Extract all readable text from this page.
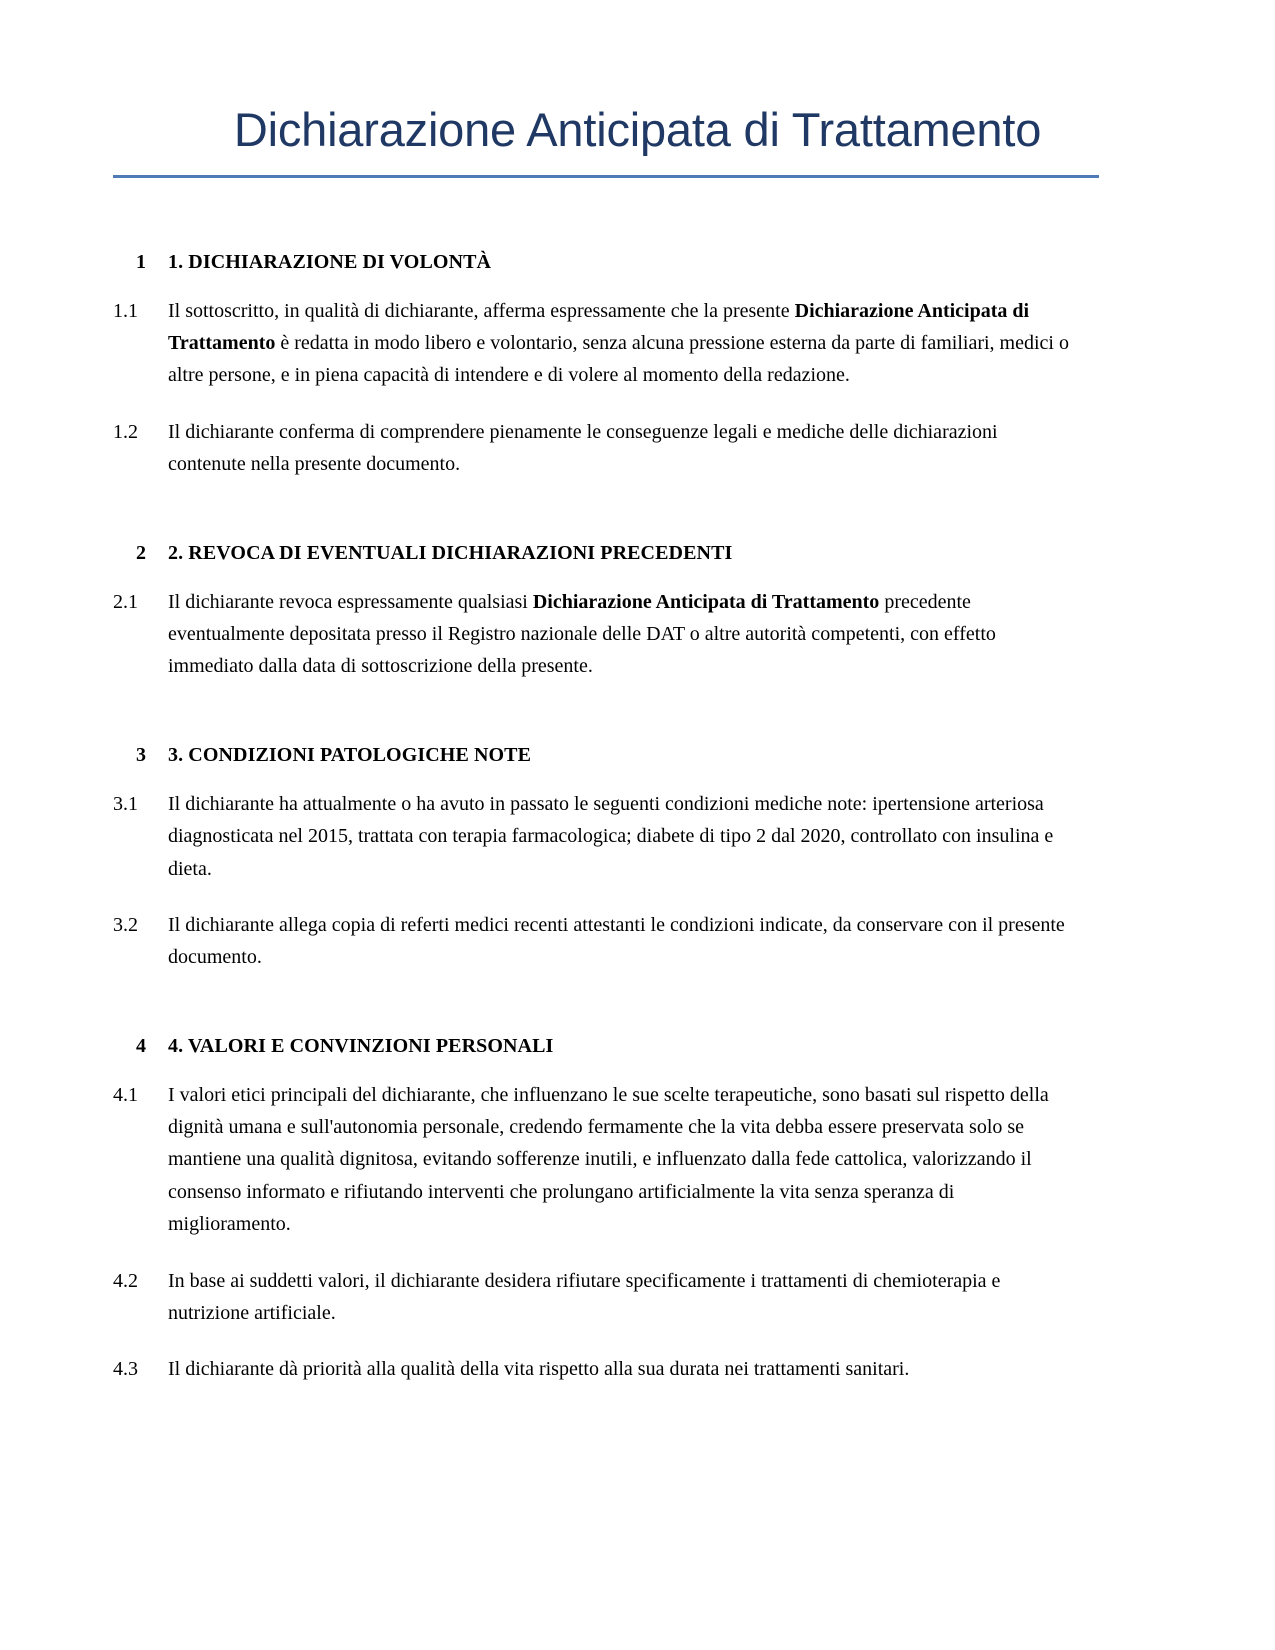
Dichiarazione Anticipata di Trattamento
1	1. DICHIARAZIONE DI VOLONTÀ
1.1	Il sottoscritto, in qualità di dichiarante, afferma espressamente che la presente Dichiarazione Anticipata di Trattamento è redatta in modo libero e volontario, senza alcuna pressione esterna da parte di familiari, medici o altre persone, e in piena capacità di intendere e di volere al momento della redazione.
1.2	Il dichiarante conferma di comprendere pienamente le conseguenze legali e mediche delle dichiarazioni contenute nella presente documento.
2	2. REVOCA DI EVENTUALI DICHIARAZIONI PRECEDENTI
2.1	Il dichiarante revoca espressamente qualsiasi Dichiarazione Anticipata di Trattamento precedente eventualmente depositata presso il Registro nazionale delle DAT o altre autorità competenti, con effetto immediato dalla data di sottoscrizione della presente.
3	3. CONDIZIONI PATOLOGICHE NOTE
3.1	Il dichiarante ha attualmente o ha avuto in passato le seguenti condizioni mediche note: ipertensione arteriosa diagnosticata nel 2015, trattata con terapia farmacologica; diabete di tipo 2 dal 2020, controllato con insulina e dieta.
3.2	Il dichiarante allega copia di referti medici recenti attestanti le condizioni indicate, da conservare con il presente documento.
4	4. VALORI E CONVINZIONI PERSONALI
4.1	I valori etici principali del dichiarante, che influenzano le sue scelte terapeutiche, sono basati sul rispetto della dignità umana e sull'autonomia personale, credendo fermamente che la vita debba essere preservata solo se mantiene una qualità dignitosa, evitando sofferenze inutili, e influenzato dalla fede cattolica, valorizzando il consenso informato e rifiutando interventi che prolungano artificialmente la vita senza speranza di miglioramento.
4.2	In base ai suddetti valori, il dichiarante desidera rifiutare specificamente i trattamenti di chemioterapia e nutrizione artificiale.
4.3	Il dichiarante dà priorità alla qualità della vita rispetto alla sua durata nei trattamenti sanitari.
